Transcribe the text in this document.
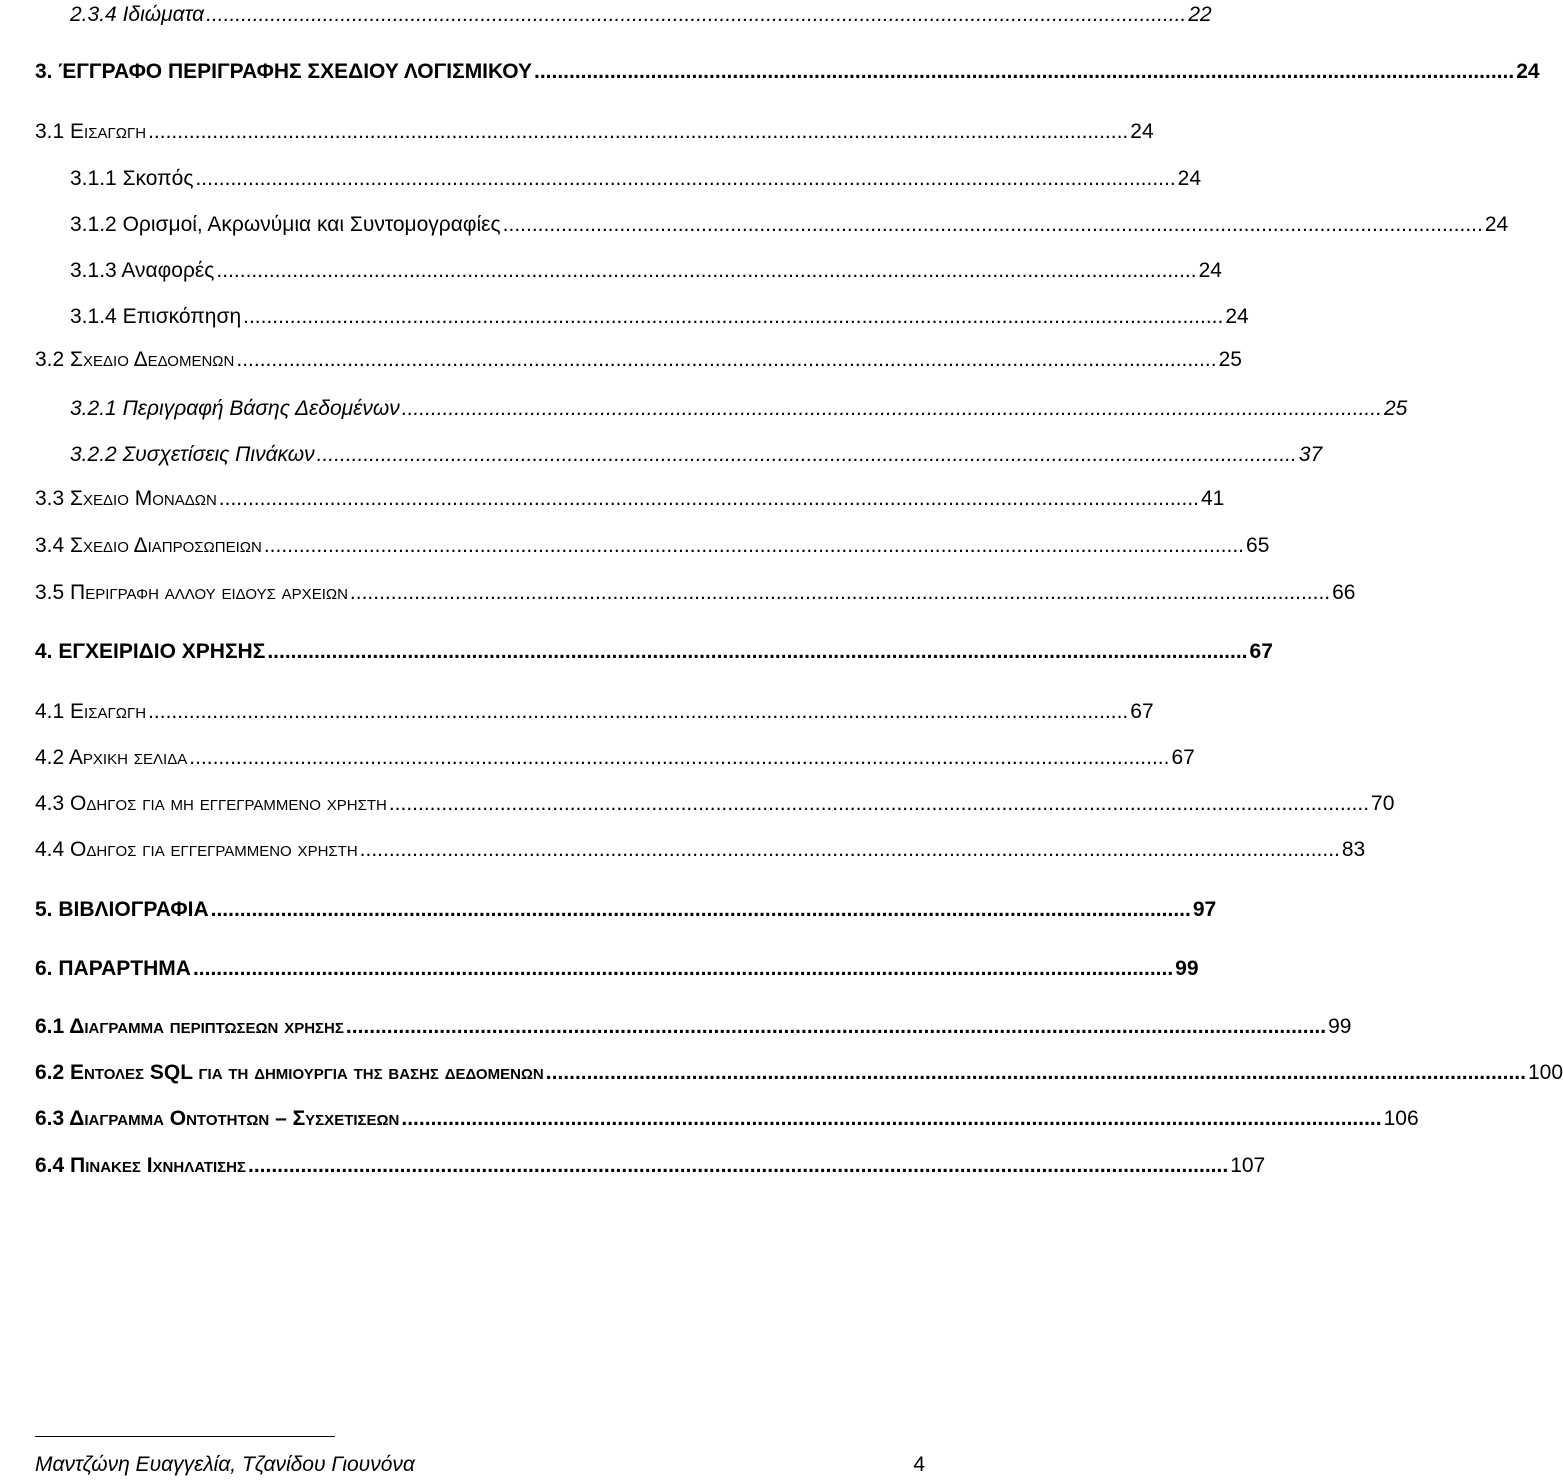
2.3.4 Ιδιώματα ........................................................................................................................................................................ 22
3. ΈΓΓΡΑΦΟ ΠΕΡΙΓΡΑΦΗΣ ΣΧΕΔΙΟΥ ΛΟΓΙΣΜΙΚΟΥ ........................................................................................................................................................................ 24
3.1 Εισαγωγη ........................................................................................................................................................................ 24
3.1.1 Σκοπός ........................................................................................................................................................................ 24
3.1.2 Ορισμοί, Ακρωνύμια και Συντομογραφίες ........................................................................................................................................................................ 24
3.1.3 Αναφορές ........................................................................................................................................................................ 24
3.1.4 Επισκόπηση ........................................................................................................................................................................ 24
3.2 Σχεδιο Δεδομενων ........................................................................................................................................................................ 25
3.2.1 Περιγραφή Βάσης Δεδομένων ........................................................................................................................................................................ 25
3.2.2 Συσχετίσεις Πινάκων ........................................................................................................................................................................ 37
3.3 Σχεδιο Μοναδων ........................................................................................................................................................................ 41
3.4 Σχεδιο Διαπροσωπειων ........................................................................................................................................................................ 65
3.5 Περιγραφη αλλου ειδους αρχειων ........................................................................................................................................................................ 66
4. ΕΓΧΕΙΡΙΔΙΟ ΧΡΗΣΗΣ ........................................................................................................................................................................ 67
4.1 Εισαγωγη ........................................................................................................................................................................ 67
4.2 Αρχικη σελιδα ........................................................................................................................................................................ 67
4.3 Οδηγος για μη εγγεγραμμενο χρηστη ........................................................................................................................................................................ 70
4.4 Οδηγος για εγγεγραμμενο χρηστη ........................................................................................................................................................................ 83
5. ΒΙΒΛΙΟΓΡΑΦΙΑ ........................................................................................................................................................................ 97
6. ΠΑΡΑΡΤΗΜΑ ........................................................................................................................................................................ 99
6.1 Διαγραμμα περιπτωσεων χρησης ........................................................................................................................................................................ 99
6.2 Εντολες SQL για τη δημιουργια της βασης δεδομενων ........................................................................................................................................................................ 100
6.3 Διαγραμμα Οντοτητων – Συσχετισεων ........................................................................................................................................................................ 106
6.4 Πινακες Ιχνηλατισης ........................................................................................................................................................................ 107
Μαντζώνη Ευαγγελία, Τζανίδου Γιουνόνα	4
